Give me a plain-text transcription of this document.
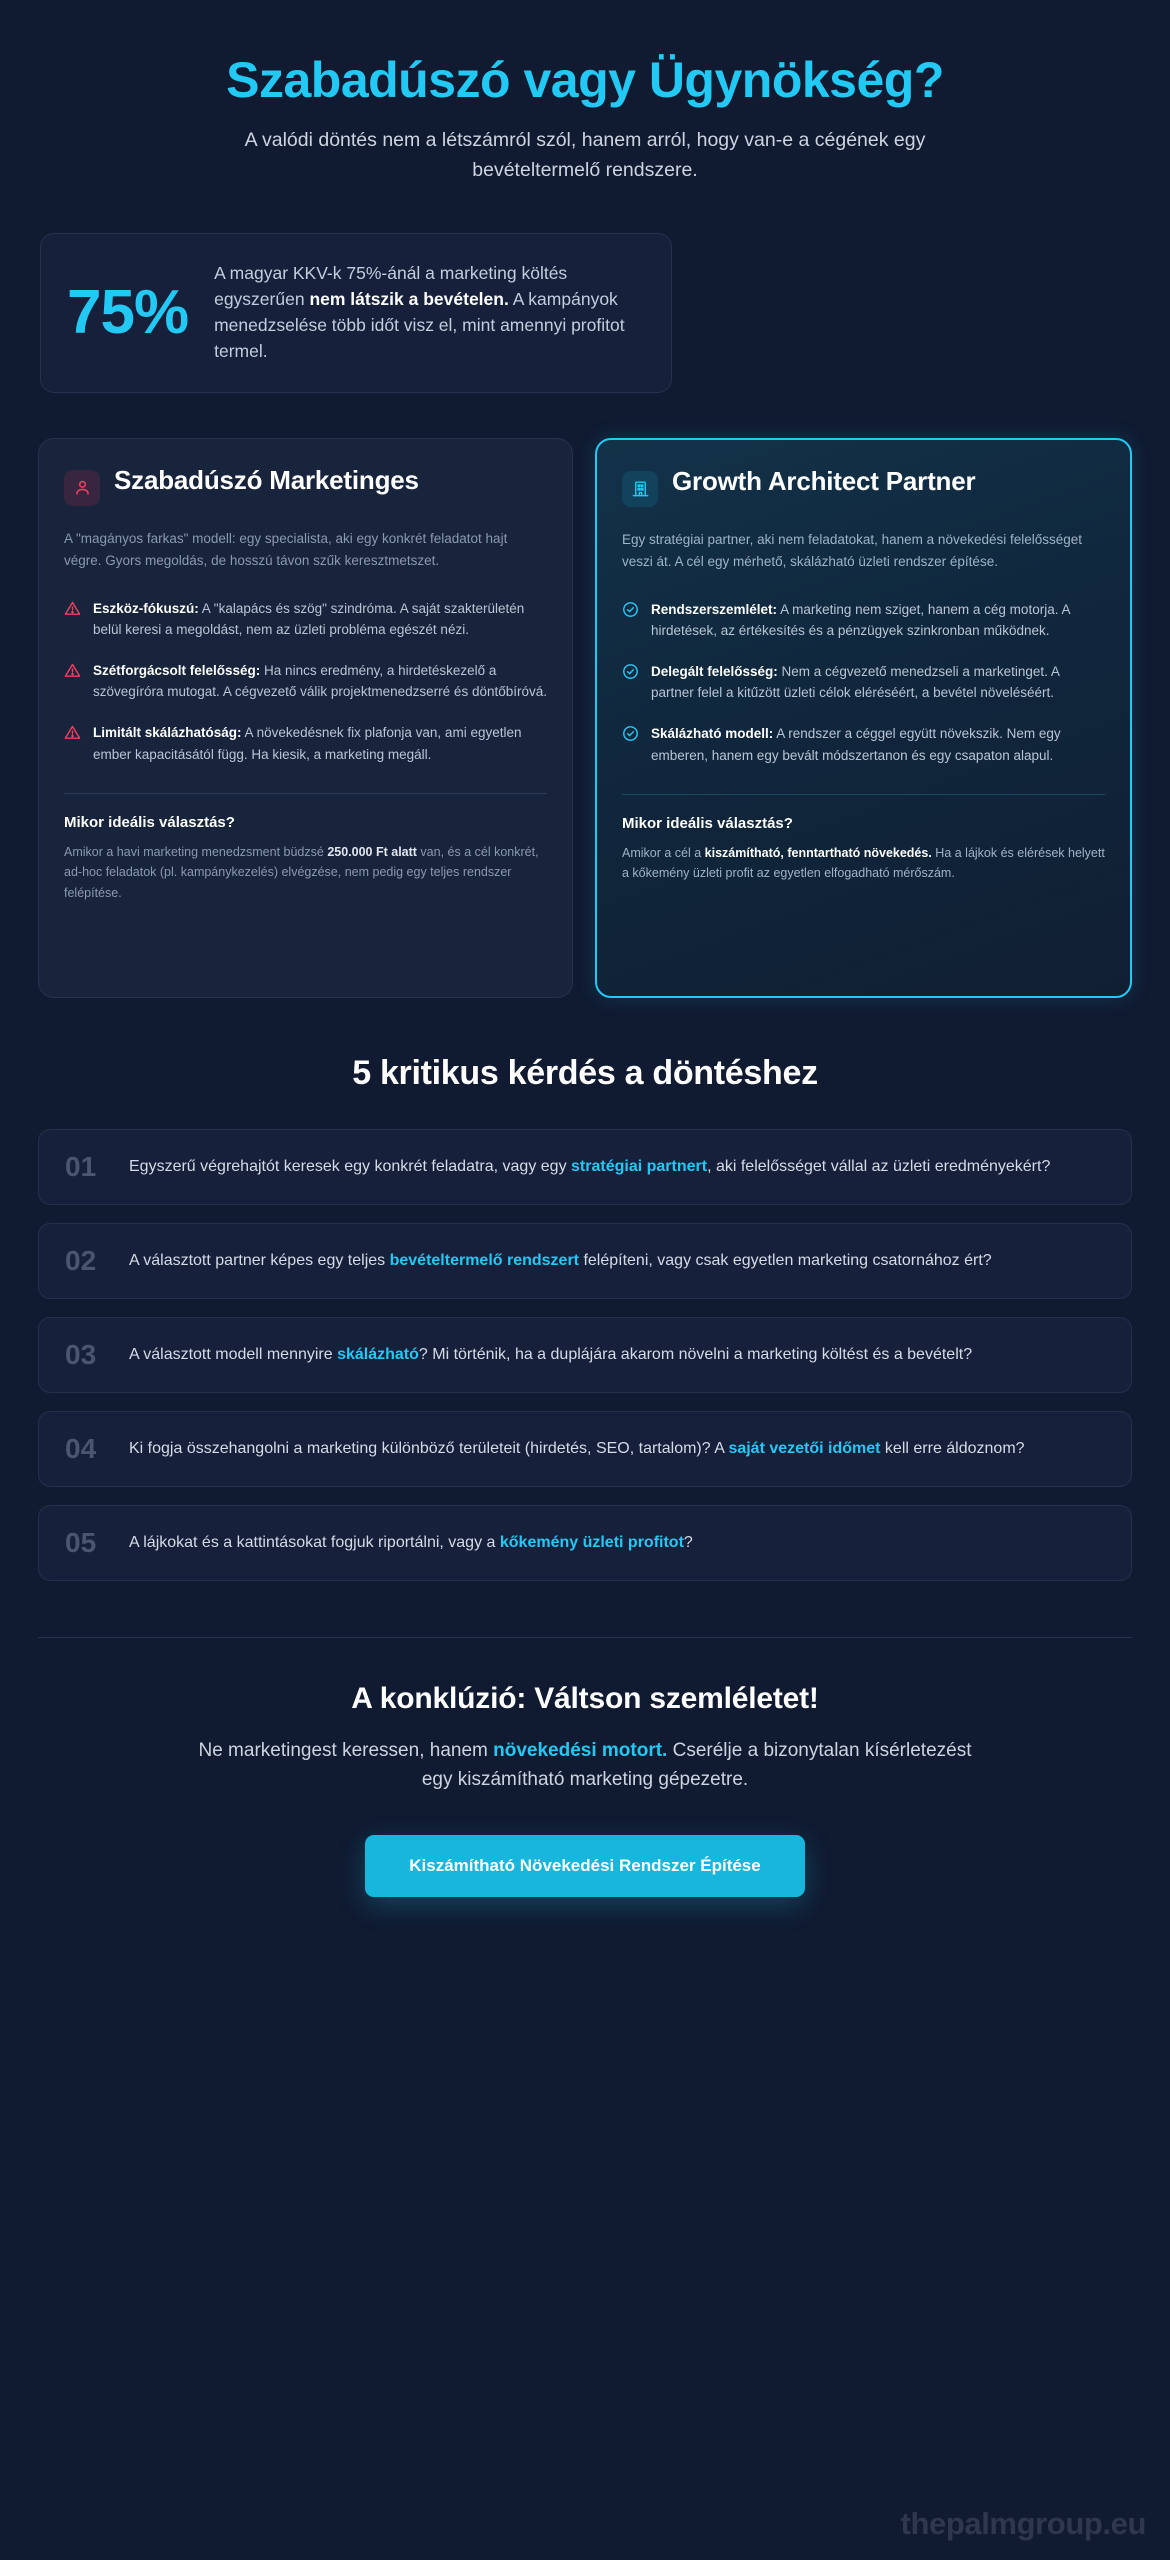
Szabadúszó vagy Ügynökség?

A valódi döntés nem a létszámról szól, hanem arról, hogy van-e a cégének egy bevételtermelő rendszere.

75%
A magyar KKV-k 75%-ánál a marketing költés egyszerűen nem látszik a bevételen. A kampányok menedzselése több időt visz el, mint amennyi profitot termel.
Szabadúszó Marketinges

A "magányos farkas" modell: egy specialista, aki egy konkrét feladatot hajt végre. Gyors megoldás, de hosszú távon szűk keresztmetszet.

Eszköz-fókuszú: A "kalapács és szög" szindróma. A saját szakterületén belül keresi a megoldást, nem az üzleti probléma egészét nézi.
Szétforgácsolt felelősség: Ha nincs eredmény, a hirdetéskezelő a szövegíróra mutogat. A cégvezető válik projektmenedzserré és döntőbíróvá.
Limitált skálázhatóság: A növekedésnek fix plafonja van, ami egyetlen ember kapacitásától függ. Ha kiesik, a marketing megáll.
Mikor ideális választás?
Amikor a havi marketing menedzsment büdzsé 250.000 Ft alatt van, és a cél konkrét, ad-hoc feladatok (pl. kampánykezelés) elvégzése, nem pedig egy teljes rendszer felépítése.
Growth Architect Partner

Egy stratégiai partner, aki nem feladatokat, hanem a növekedési felelősséget veszi át. A cél egy mérhető, skálázható üzleti rendszer építése.

Rendszerszemlélet: A marketing nem sziget, hanem a cég motorja. A hirdetések, az értékesítés és a pénzügyek szinkronban működnek.
Delegált felelősség: Nem a cégvezető menedzseli a marketinget. A partner felel a kitűzött üzleti célok eléréséért, a bevétel növeléséért.
Skálázható modell: A rendszer a céggel együtt növekszik. Nem egy emberen, hanem egy bevált módszertanon és egy csapaton alapul.
Mikor ideális választás?
Amikor a cél a kiszámítható, fenntartható növekedés. Ha a lájkok és elérések helyett a kőkemény üzleti profit az egyetlen elfogadható mérőszám.
5 kritikus kérdés a döntéshez
01	Egyszerű végrehajtót keresek egy konkrét feladatra, vagy egy stratégiai partnert, aki felelősséget vállal az üzleti eredményekért?
02	A választott partner képes egy teljes bevételtermelő rendszert felépíteni, vagy csak egyetlen marketing csatornához ért?
03	A választott modell mennyire skálázható? Mi történik, ha a duplájára akarom növelni a marketing költést és a bevételt?
04	Ki fogja összehangolni a marketing különböző területeit (hirdetés, SEO, tartalom)? A saját vezetői időmet kell erre áldoznom?
05	A lájkokat és a kattintásokat fogjuk riportálni, vagy a kőkemény üzleti profitot?
A konklúzió: Váltson szemléletet!

Ne marketingest keressen, hanem növekedési motort. Cserélje a bizonytalan kísérletezést egy kiszámítható marketing gépezetre.

Kiszámítható Növekedési Rendszer Építése
thepalmgroup.eu
